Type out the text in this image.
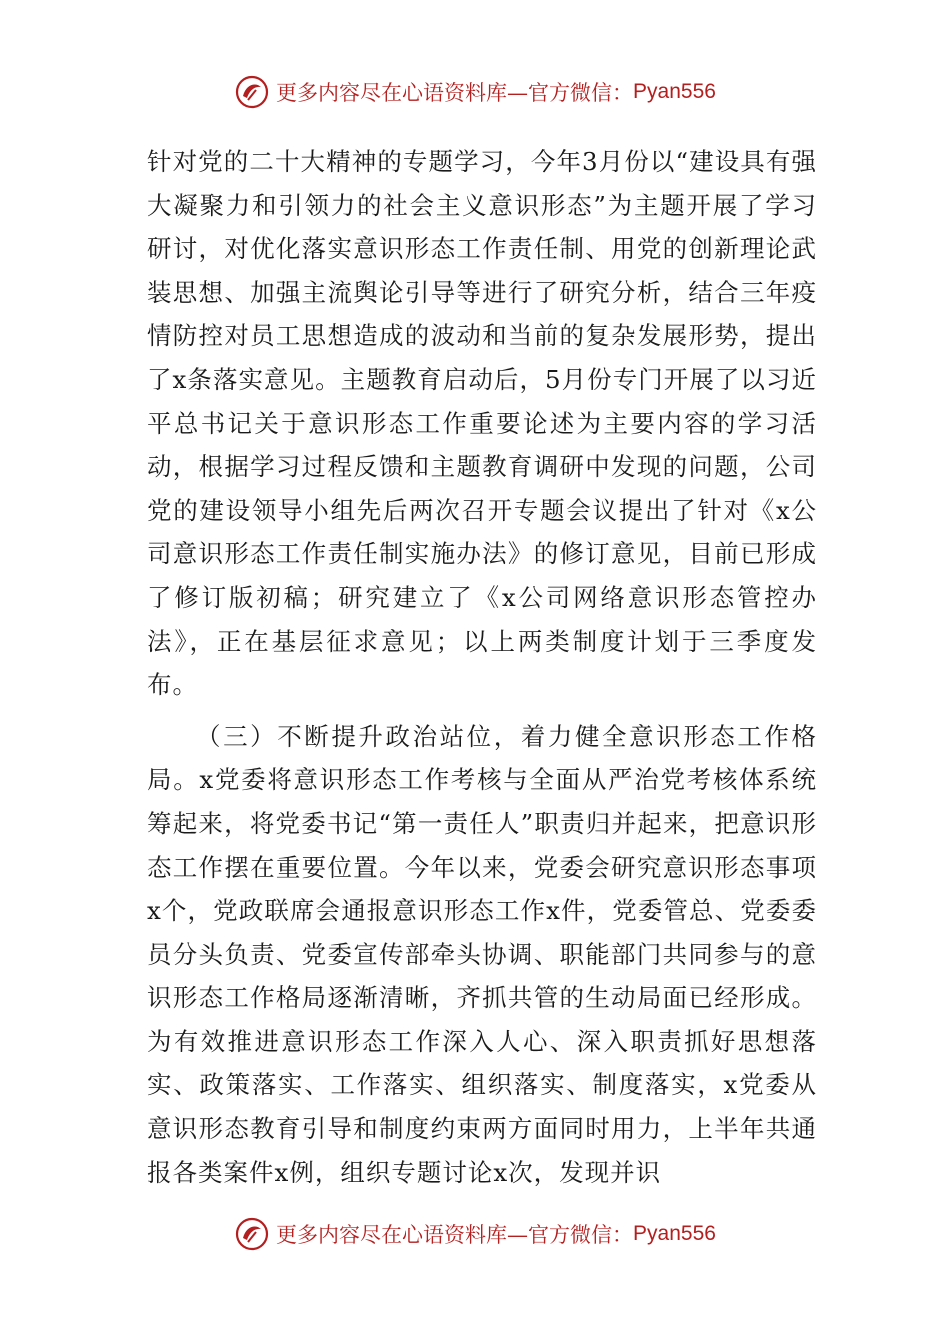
更多内容尽在心语资料库—官方微信： Pyan556

针对党的二十大精神的专题学习，今年3月份以“建设具有强大凝聚力和引领力的社会主义意识形态”为主题开展了学习研讨，对优化落实意识形态工作责任制、用党的创新理论武装思想、加强主流舆论引导等进行了研究分析，结合三年疫情防控对员工思想造成的波动和当前的复杂发展形势，提出了x条落实意见。主题教育启动后，5月份专门开展了以习近平总书记关于意识形态工作重要论述为主要内容的学习活动，根据学习过程反馈和主题教育调研中发现的问题，公司党的建设领导小组先后两次召开专题会议提出了针对《x公司意识形态工作责任制实施办法》的修订意见，目前已形成了修订版初稿；研究建立了《x公司网络意识形态管控办法》，正在基层征求意见；以上两类制度计划于三季度发布。

（三）不断提升政治站位，着力健全意识形态工作格局。x党委将意识形态工作考核与全面从严治党考核体系统筹起来，将党委书记“第一责任人”职责归并起来，把意识形态工作摆在重要位置。今年以来，党委会研究意识形态事项x个，党政联席会通报意识形态工作x件，党委管总、党委委员分头负责、党委宣传部牵头协调、职能部门共同参与的意识形态工作格局逐渐清晰，齐抓共管的生动局面已经形成。为有效推进意识形态工作深入人心、深入职责抓好思想落实、政策落实、工作落实、组织落实、制度落实，x党委从意识形态教育引导和制度约束两方面同时用力，上半年共通报各类案件x例，组织专题讨论x次，发现并识

更多内容尽在心语资料库—官方微信： Pyan556
